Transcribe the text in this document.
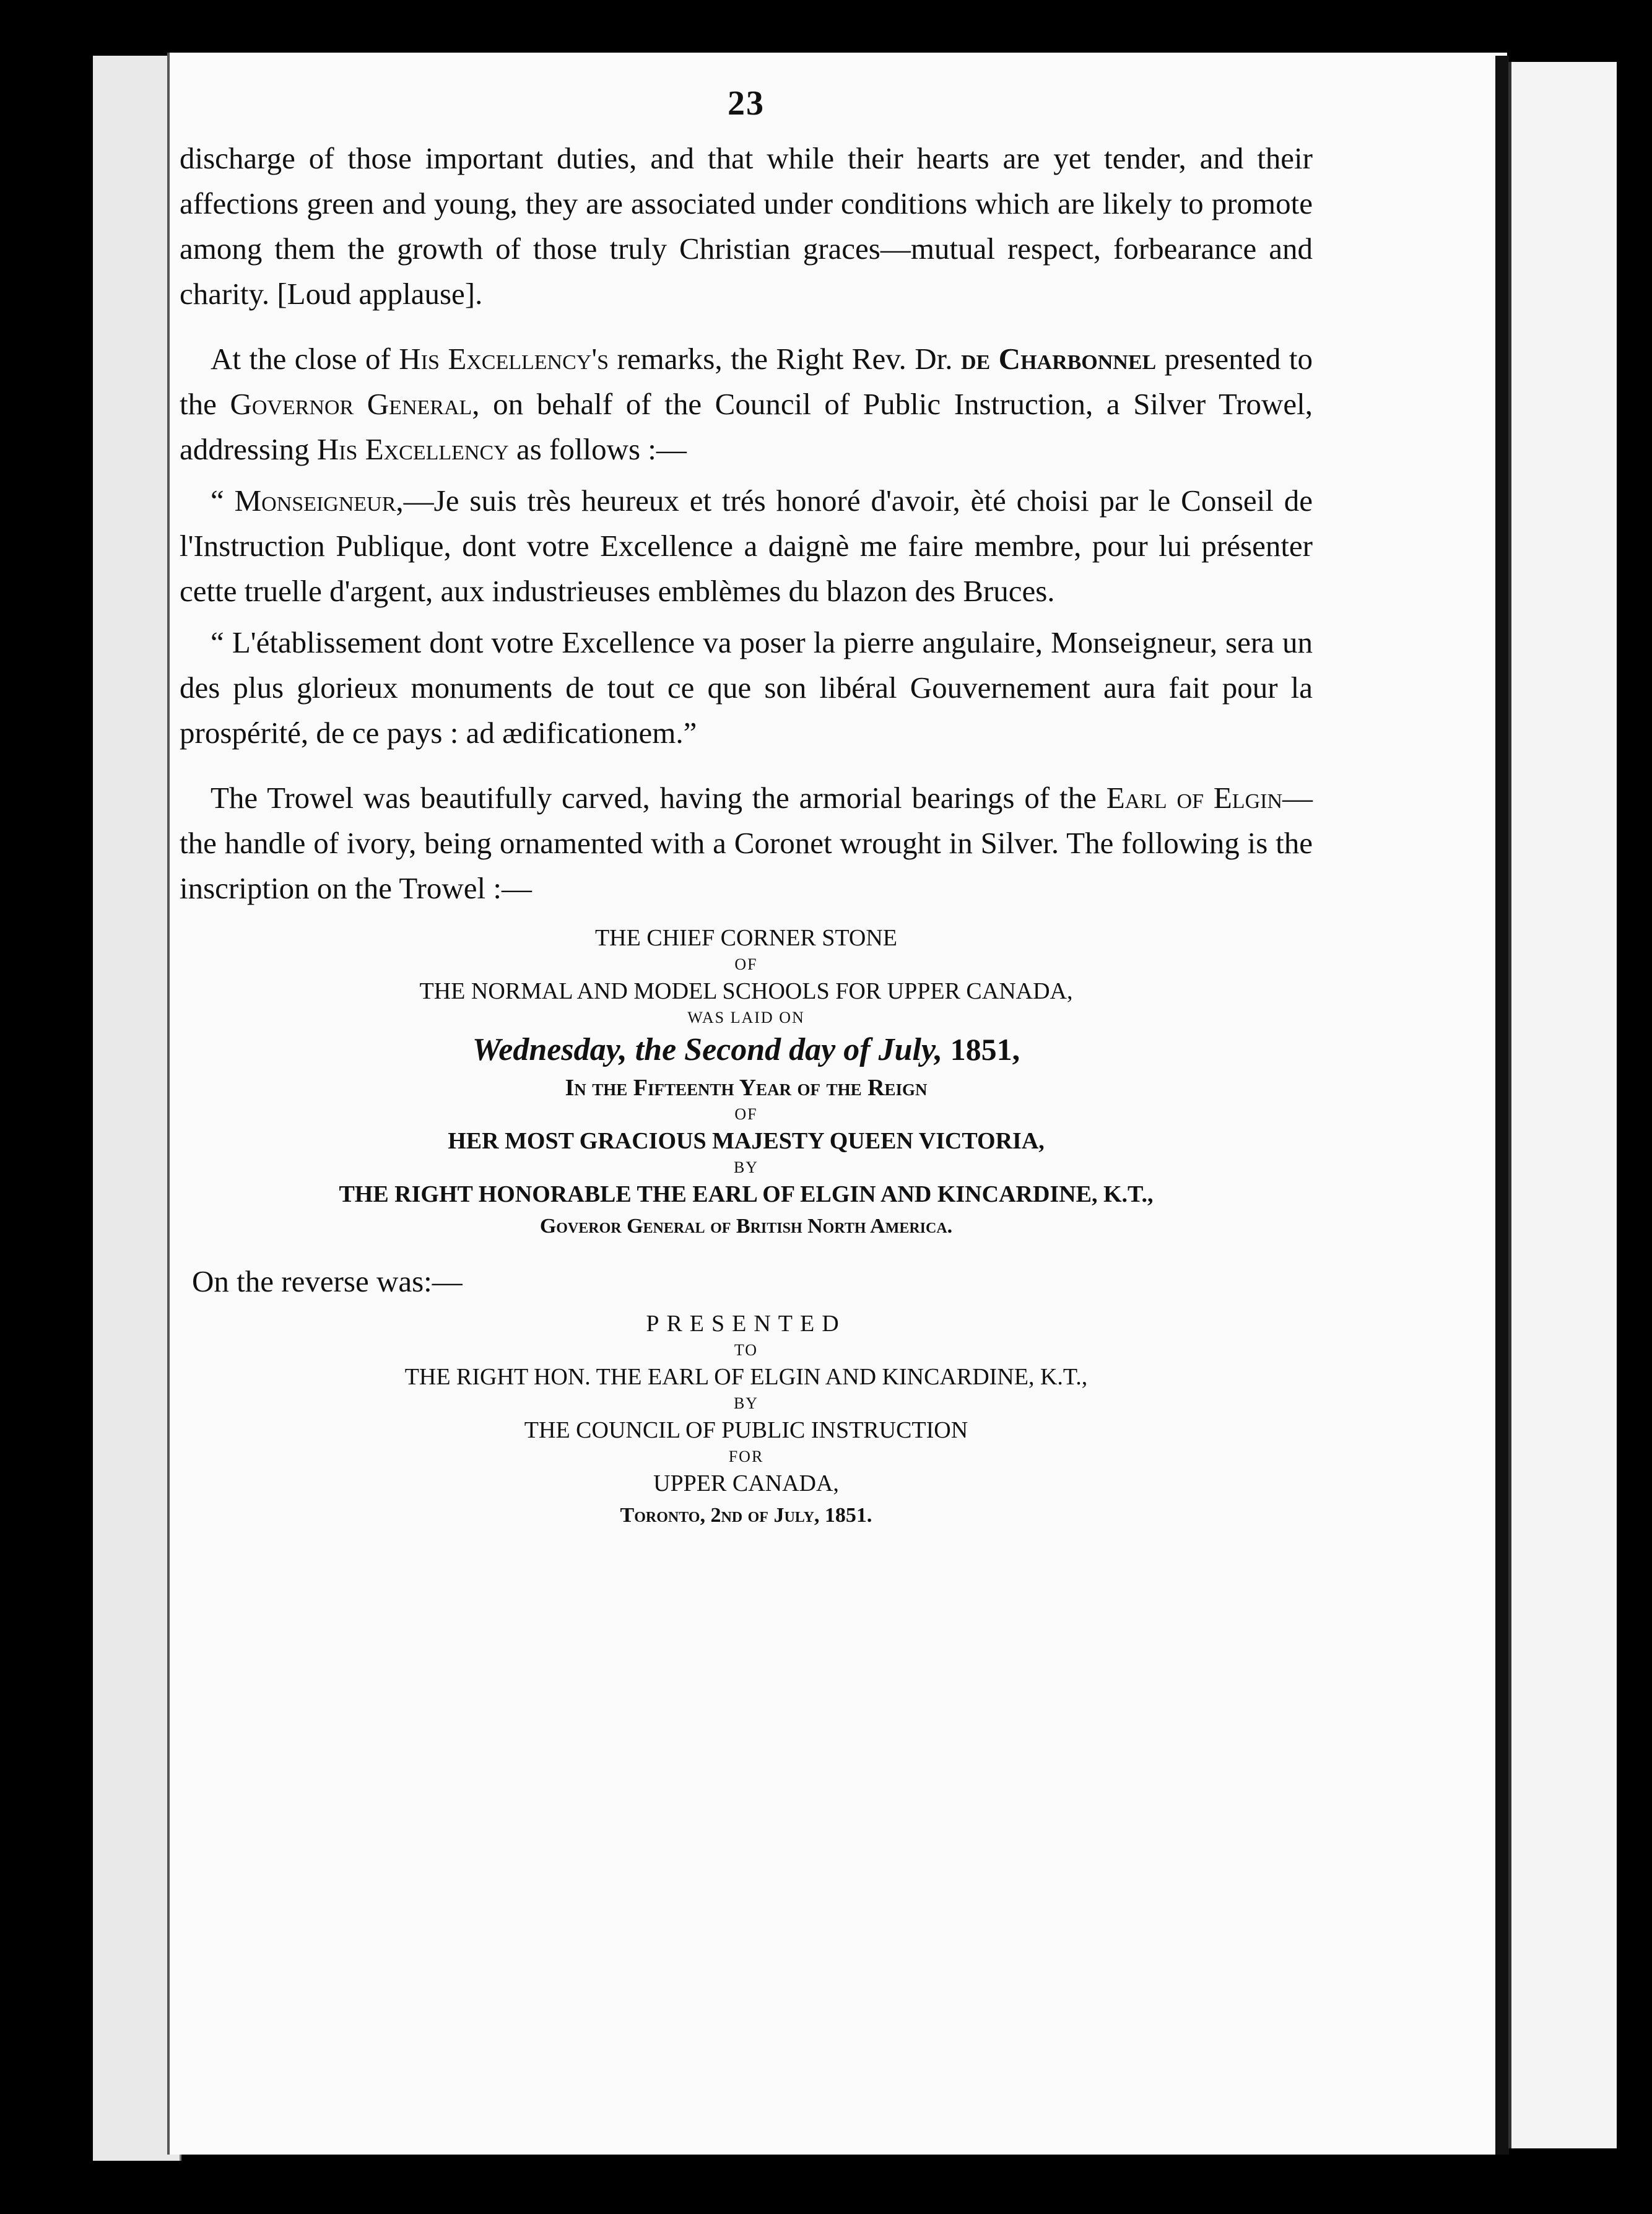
23

discharge of those important duties, and that while their hearts are yet tender, and their affections green and young, they are associated under conditions which are likely to promote among them the growth of those truly Christian graces—mutual respect, forbearance and charity. [Loud applause].

At the close of His Excellency's remarks, the Right Rev. Dr. de Charbonnel presented to the Governor General, on behalf of the Council of Public Instruction, a Silver Trowel, addressing His Excellency as follows :—

“ Monseigneur,—Je suis très heureux et trés honoré d'avoir, èté choisi par le Conseil de l'Instruction Publique, dont votre Excellence a daignè me faire membre, pour lui présenter cette truelle d'argent, aux industrieuses emblèmes du blazon des Bruces.

“ L'établissement dont votre Excellence va poser la pierre angulaire, Monseigneur, sera un des plus glorieux monuments de tout ce que son libéral Gouvernement aura fait pour la prospérité, de ce pays : ad ædificationem.”

The Trowel was beautifully carved, having the armorial bearings of the Earl of Elgin—the handle of ivory, being ornamented with a Coronet wrought in Silver. The following is the inscription on the Trowel :—

THE CHIEF CORNER STONE
OF
THE NORMAL AND MODEL SCHOOLS FOR UPPER CANADA,
WAS LAID ON
Wednesday, the Second day of July, 1851,
In the Fifteenth Year of the Reign
OF
HER MOST GRACIOUS MAJESTY QUEEN VICTORIA,
BY
THE RIGHT HONORABLE THE EARL OF ELGIN AND KINCARDINE, K.T.,
Goveror General of British North America.

On the reverse was:—

PRESENTED
TO
THE RIGHT HON. THE EARL OF ELGIN AND KINCARDINE, K.T.,
BY
THE COUNCIL OF PUBLIC INSTRUCTION
FOR
UPPER CANADA,
Toronto, 2nd of July, 1851.
